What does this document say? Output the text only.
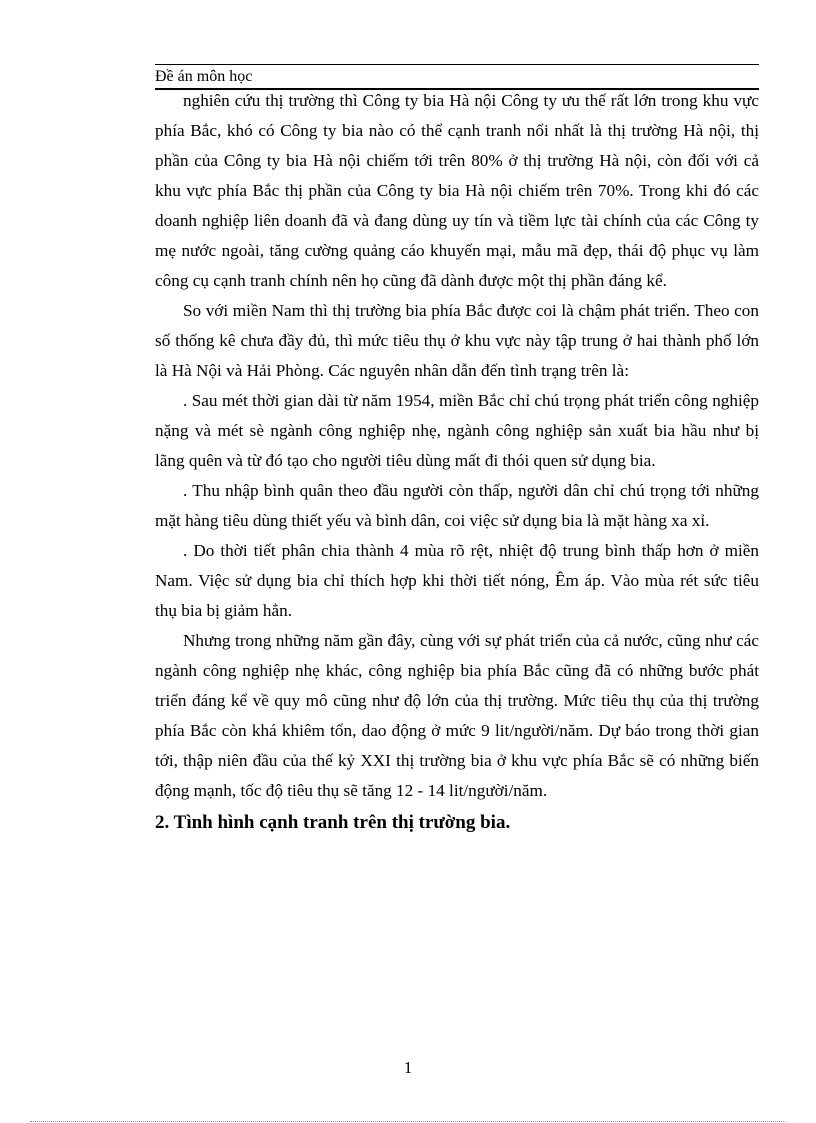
Đề án môn học

nghiên cứu thị trường thì Công ty bia Hà nội Công ty ưu thế rất lớn trong khu vực phía Bắc, khó có Công ty bia nào có thể cạnh tranh nổi nhất là thị trường Hà nội, thị phần của Công ty bia Hà nội chiếm tới trên 80% ở thị trường Hà nội, còn đối với cả khu vực phía Bắc thị phần của Công ty bia Hà nội chiếm trên 70%. Trong khi đó các doanh nghiệp liên doanh đã và đang dùng uy tín và tiềm lực tài chính của các Công ty mẹ nước ngoài, tăng cường quảng cáo khuyến mại, mẫu mã đẹp, thái độ phục vụ làm công cụ cạnh tranh chính nên họ cũng đã dành được một thị phần đáng kể.

So với miền Nam thì thị trường bia phía Bắc được coi là chậm phát triển. Theo con số thống kê chưa đầy đủ, thì mức tiêu thụ ở khu vực này tập trung ở hai thành phố lớn là Hà Nội và Hải Phòng. Các nguyên nhân dẫn đến tình trạng trên là:

. Sau mét thời gian dài từ năm 1954, miền Bắc chỉ chú trọng phát triển công nghiệp nặng và mét sè ngành công nghiệp nhẹ, ngành công nghiệp sản xuất bia hầu như bị lãng quên và từ đó tạo cho người tiêu dùng mất đi thói quen sử dụng bia.

. Thu nhập bình quân theo đầu người còn thấp, người dân chỉ chú trọng tới những mặt hàng tiêu dùng thiết yếu và bình dân, coi việc sử dụng bia là mặt hàng xa xỉ.

. Do thời tiết phân chia thành 4 mùa rõ rệt, nhiệt độ trung bình thấp hơn ở miền Nam. Việc sử dụng bia chỉ thích hợp khi thời tiết nóng, Êm áp. Vào mùa rét sức tiêu thụ bia bị giảm hẳn.

Nhưng trong những năm gần đây, cùng với sự phát triển của cả nước, cũng như các ngành công nghiệp nhẹ khác, công nghiệp bia phía Bắc cũng đã có những bước phát triển đáng kể về quy mô cũng như độ lớn của thị trường. Mức tiêu thụ của thị trường phía Bắc còn khá khiêm tốn, dao động ở mức 9 lit/người/năm. Dự báo trong thời gian tới, thập niên đầu của thế kỷ XXI thị trường bia ở khu vực phía Bắc sẽ có những biến động mạnh, tốc độ tiêu thụ sẽ tăng 12 - 14 lit/người/năm.

2. Tình hình cạnh tranh trên thị trường bia.
1
